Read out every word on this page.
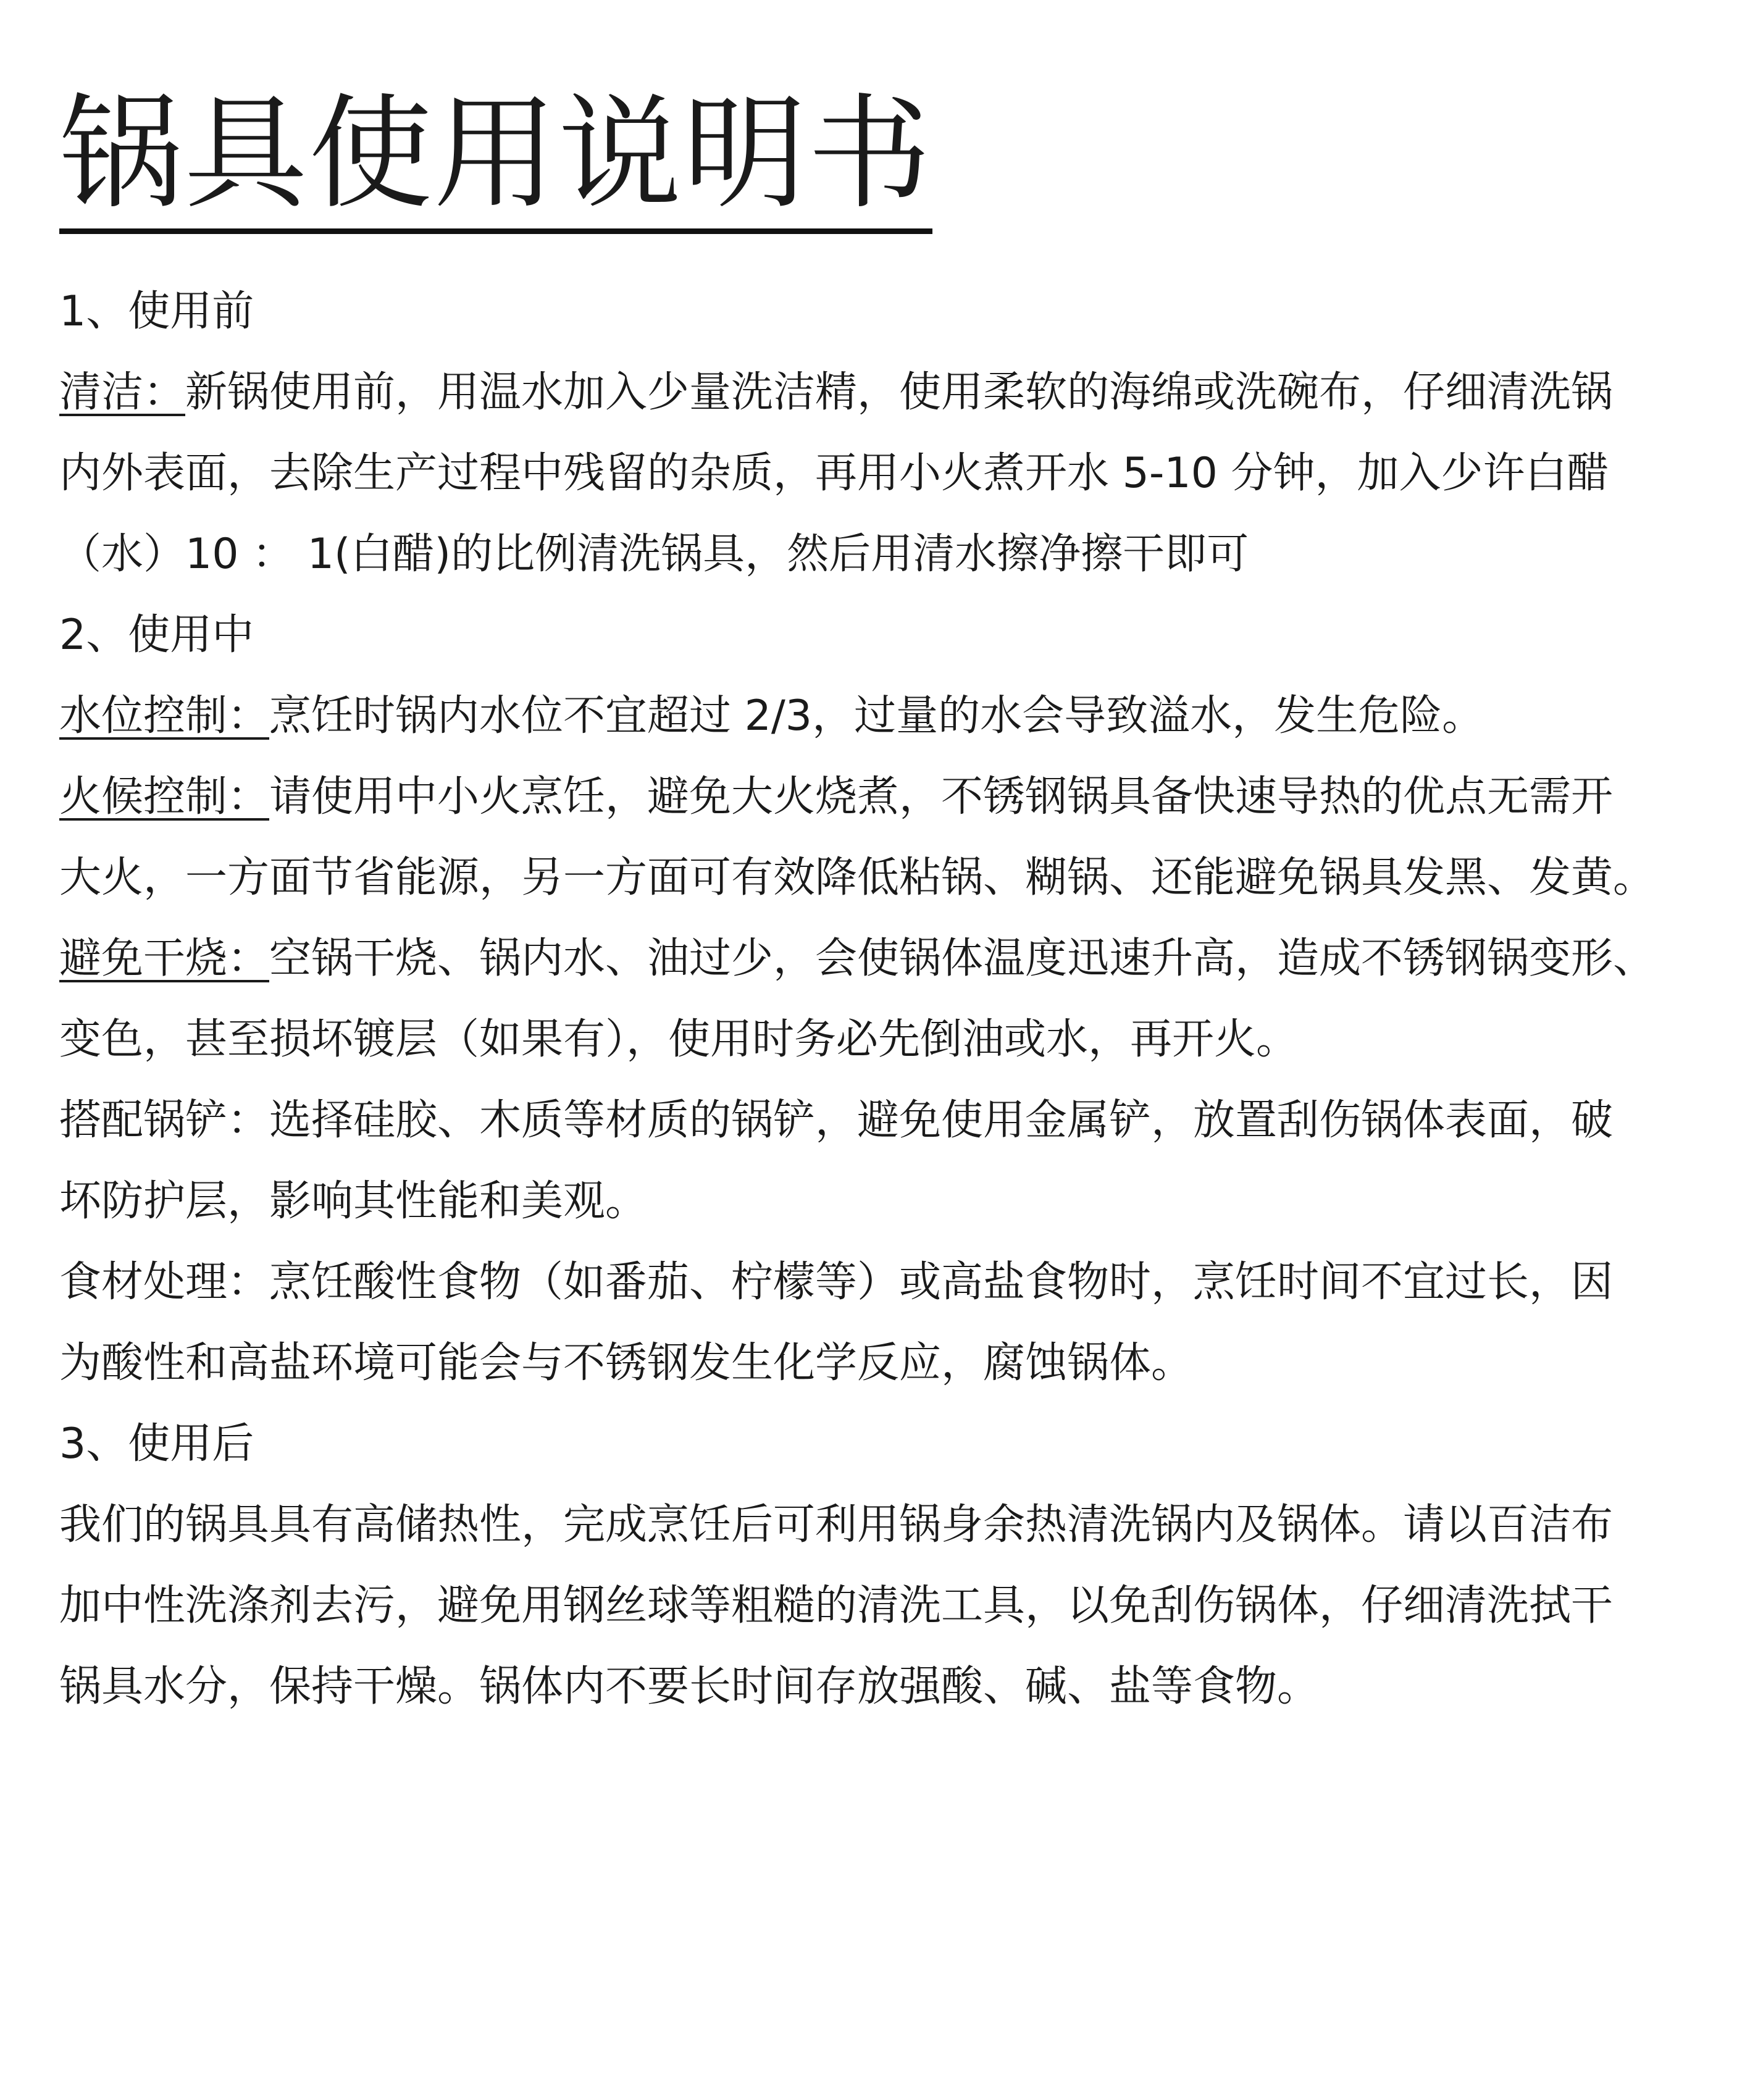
锅具使用说明书
1、使用前
清洁：新锅使用前，用温水加入少量洗洁精，使用柔软的海绵或洗碗布，仔细清洗锅
内外表面，去除生产过程中残留的杂质，再用小火煮开水 5-10 分钟，加入少许白醋
（水）10 ： 1(白醋)的比例清洗锅具，然后用清水擦净擦干即可
2、使用中
水位控制：烹饪时锅内水位不宜超过 2/3，过量的水会导致溢水，发生危险。
火候控制：请使用中小火烹饪，避免大火烧煮，不锈钢锅具备快速导热的优点无需开
大火，一方面节省能源，另一方面可有效降低粘锅、糊锅、还能避免锅具发黑、发黄。
避免干烧：空锅干烧、锅内水、油过少，会使锅体温度迅速升高，造成不锈钢锅变形、
变色，甚至损坏镀层（如果有），使用时务必先倒油或水，再开火。
搭配锅铲：选择硅胶、木质等材质的锅铲，避免使用金属铲，放置刮伤锅体表面，破
坏防护层，影响其性能和美观。
食材处理：烹饪酸性食物（如番茄、柠檬等）或高盐食物时，烹饪时间不宜过长，因
为酸性和高盐环境可能会与不锈钢发生化学反应，腐蚀锅体。
3、使用后
我们的锅具具有高储热性，完成烹饪后可利用锅身余热清洗锅内及锅体。请以百洁布
加中性洗涤剂去污，避免用钢丝球等粗糙的清洗工具，以免刮伤锅体，仔细清洗拭干
锅具水分，保持干燥。锅体内不要长时间存放强酸、碱、盐等食物。
